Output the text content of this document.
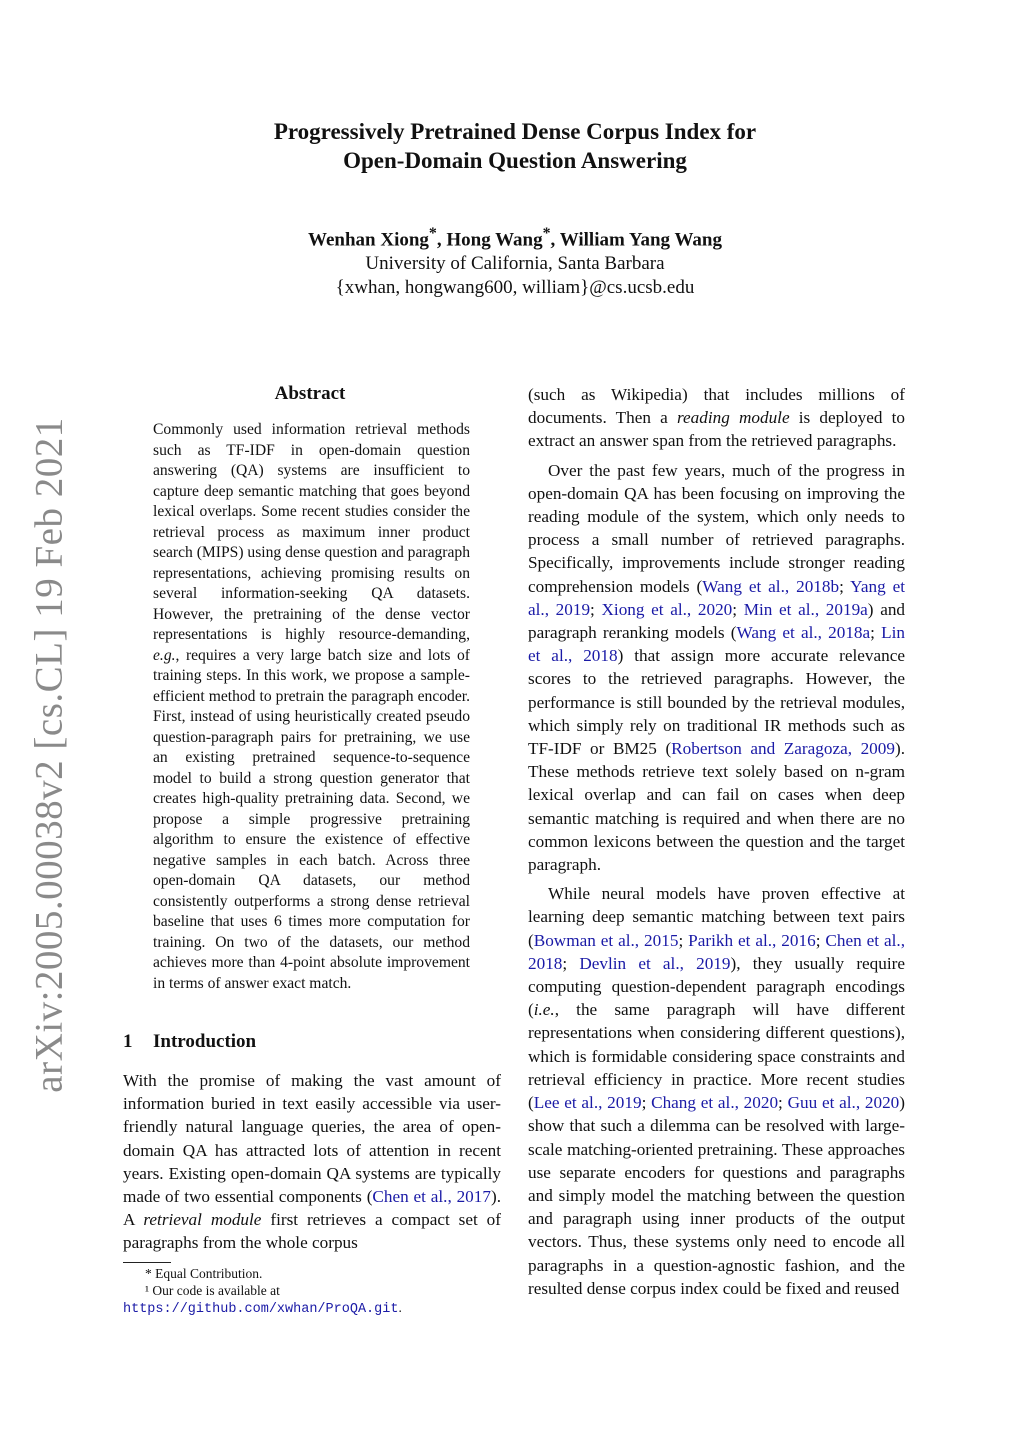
arXiv:2005.00038v2 [cs.CL] 19 Feb 2021
Progressively Pretrained Dense Corpus Index for
Open-Domain Question Answering
Wenhan Xiong*, Hong Wang*, William Yang Wang
University of California, Santa Barbara
{xwhan, hongwang600, william}@cs.ucsb.edu
Abstract
Commonly used information retrieval methods such as TF-IDF in open-domain question answering (QA) systems are insufficient to capture deep semantic matching that goes beyond lexical overlaps. Some recent studies consider the retrieval process as maximum inner product search (MIPS) using dense question and paragraph representations, achieving promising results on several information-seeking QA datasets. However, the pretraining of the dense vector representations is highly resource-demanding, e.g., requires a very large batch size and lots of training steps. In this work, we propose a sample-efficient method to pretrain the paragraph encoder. First, instead of using heuristically created pseudo question-paragraph pairs for pretraining, we use an existing pretrained sequence-to-sequence model to build a strong question generator that creates high-quality pretraining data. Second, we propose a simple progressive pretraining algorithm to ensure the existence of effective negative samples in each batch. Across three open-domain QA datasets, our method consistently outperforms a strong dense retrieval baseline that uses 6 times more computation for training. On two of the datasets, our method achieves more than 4-point absolute improvement in terms of answer exact match.
1 Introduction
With the promise of making the vast amount of information buried in text easily accessible via user-friendly natural language queries, the area of open-domain QA has attracted lots of attention in recent years. Existing open-domain QA systems are typically made of two essential components (Chen et al., 2017). A retrieval module first retrieves a compact set of paragraphs from the whole corpus
* Equal Contribution.
¹ Our code is available at https://github.com/xwhan/ProQA.git.

(such as Wikipedia) that includes millions of documents. Then a reading module is deployed to extract an answer span from the retrieved paragraphs.

Over the past few years, much of the progress in open-domain QA has been focusing on improving the reading module of the system, which only needs to process a small number of retrieved paragraphs. Specifically, improvements include stronger reading comprehension models (Wang et al., 2018b; Yang et al., 2019; Xiong et al., 2020; Min et al., 2019a) and paragraph reranking models (Wang et al., 2018a; Lin et al., 2018) that assign more accurate relevance scores to the retrieved paragraphs. However, the performance is still bounded by the retrieval modules, which simply rely on traditional IR methods such as TF-IDF or BM25 (Robertson and Zaragoza, 2009). These methods retrieve text solely based on n-gram lexical overlap and can fail on cases when deep semantic matching is required and when there are no common lexicons between the question and the target paragraph.

While neural models have proven effective at learning deep semantic matching between text pairs (Bowman et al., 2015; Parikh et al., 2016; Chen et al., 2018; Devlin et al., 2019), they usually require computing question-dependent paragraph encodings (i.e., the same paragraph will have different representations when considering different questions), which is formidable considering space constraints and retrieval efficiency in practice. More recent studies (Lee et al., 2019; Chang et al., 2020; Guu et al., 2020) show that such a dilemma can be resolved with large-scale matching-oriented pretraining. These approaches use separate encoders for questions and paragraphs and simply model the matching between the question and paragraph using inner products of the output vectors. Thus, these systems only need to encode all paragraphs in a question-agnostic fashion, and the resulted dense corpus index could be fixed and reused
